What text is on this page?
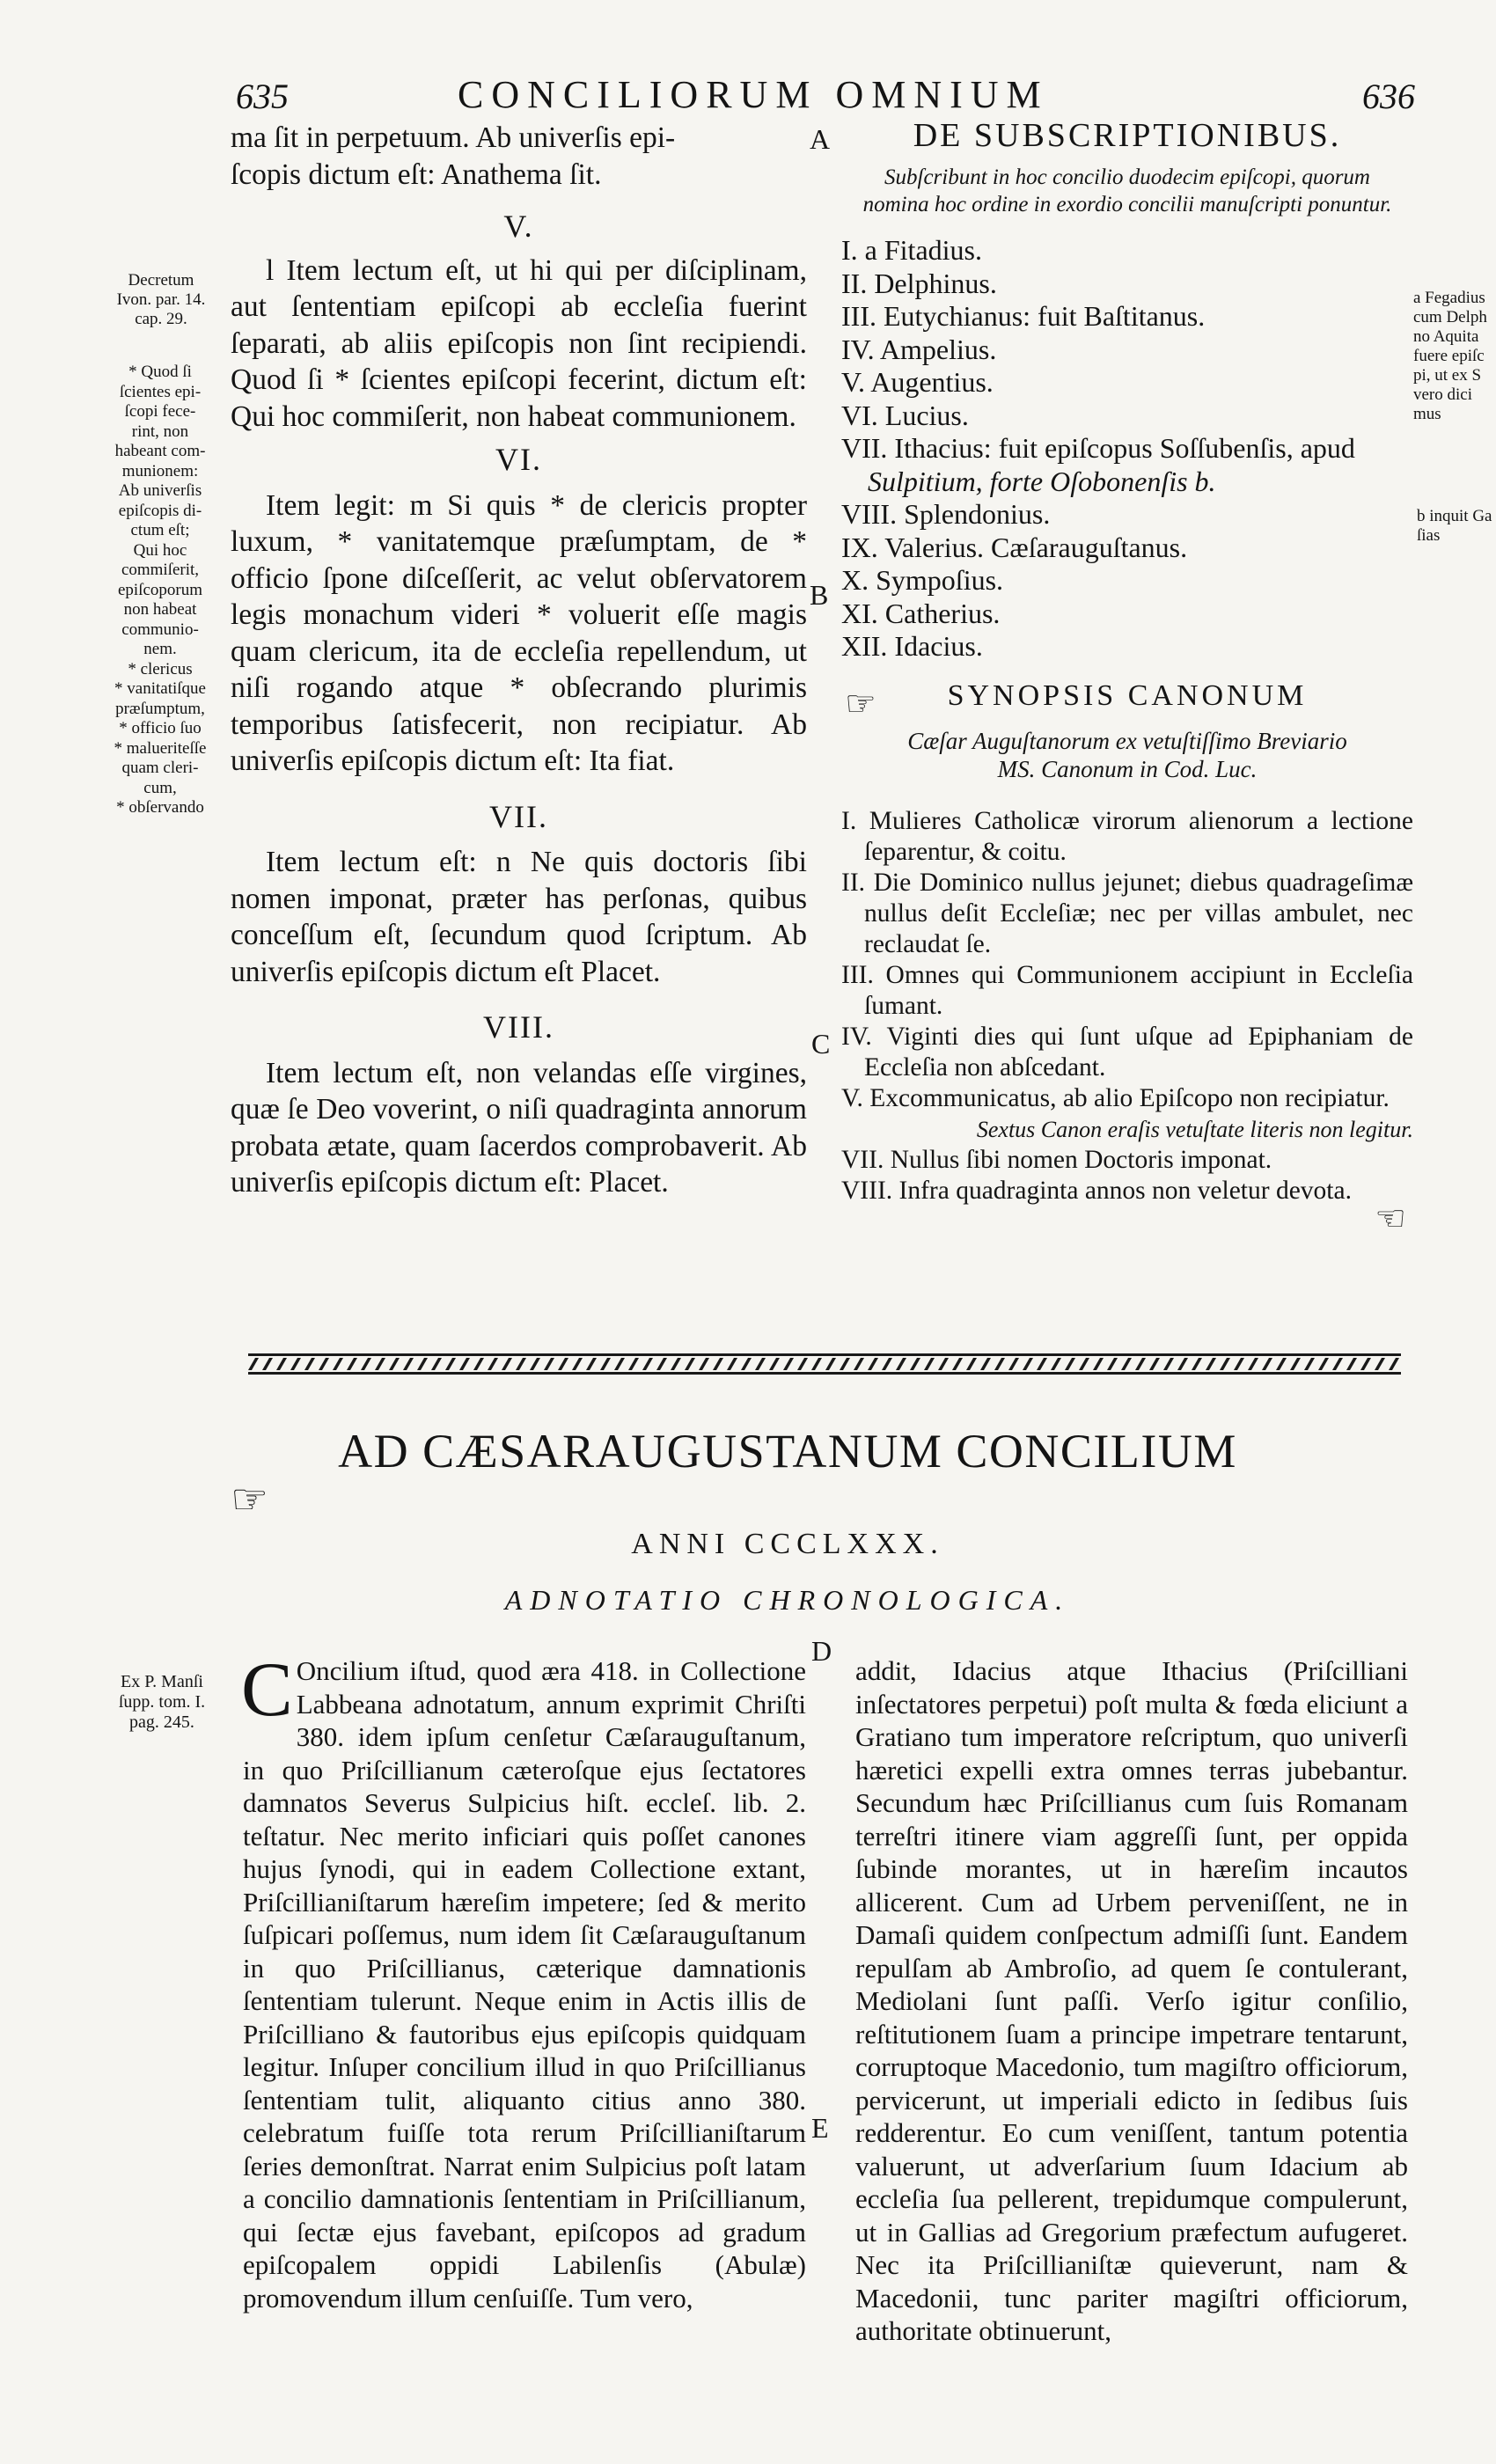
635	CONCILIORUM OMNIUM	636
Decretum
Ivon. par. 14.
cap. 29.
* Quod ſi
ſcientes epi-
ſcopi fece-
rint, non
habeant com-
munionem:
Ab univerſis
epiſcopis di-
ctum eſt;
Qui hoc
commiſerit,
epiſcoporum
non habeat
communio-
nem.
* clericus
* vanitatiſque
præſumptum,
* officio ſuo
* malueriteſſe
quam cleri-
cum,
* obſervando
ma ſit in perpetuum. Ab univerſis epi-
ſcopis dictum eſt: Anathema ſit.
V.

l Item lectum eſt, ut hi qui per diſciplinam, aut ſententiam epiſcopi ab eccleſia fuerint ſeparati, ab aliis epiſcopis non ſint recipiendi. Quod ſi * ſcientes epiſcopi fecerint, dictum eſt: Qui hoc commiſerit, non habeat communionem.

VI.

Item legit: m Si quis * de clericis propter luxum, * vanitatemque præſumptam, de * officio ſpone diſceſſerit, ac velut obſervatorem legis monachum videri * voluerit eſſe magis quam clericum, ita de eccleſia repellendum, ut niſi rogando atque * obſecrando plurimis temporibus ſatisfecerit, non recipiatur. Ab univerſis epiſcopis dictum eſt: Ita fiat.

VII.

Item lectum eſt: n Ne quis doctoris ſibi nomen imponat, præter has perſonas, quibus conceſſum eſt, ſecundum quod ſcriptum. Ab univerſis epiſcopis dictum eſt Placet.

VIII.

Item lectum eſt, non velandas eſſe virgines, quæ ſe Deo voverint, o niſi quadraginta annorum probata ætate, quam ſacerdos comprobaverit. Ab univerſis epiſcopis dictum eſt: Placet.

A
B
C
D
E
DE SUBSCRIPTIONIBUS.
Subſcribunt in hoc concilio duodecim epiſcopi, quorum nomina hoc ordine in exordio concilii manuſcripti ponuntur.
I. a Fitadius.
II. Delphinus.
III. Eutychianus: fuit Baſtitanus.
IV. Ampelius.
V. Augentius.
VI. Lucius.
VII. Ithacius: fuit epiſcopus Soſſubenſis, apud
Sulpitium, forte Oſobonenſis b.
VIII. Splendonius.
IX. Valerius. Cæſarauguſtanus.
X. Sympoſius.
XI. Catherius.
XII. Idacius.
☞	SYNOPSIS CANONUM
Cæſar Auguſtanorum ex vetuſtiſſimo Breviario
MS. Canonum in Cod. Luc.
I. Mulieres Catholicæ virorum alienorum a lectione ſeparentur, & coitu.
II. Die Dominico nullus jejunet; diebus quadrageſimæ nullus deſit Eccleſiæ; nec per villas ambulet, nec reclaudat ſe.
III. Omnes qui Communionem accipiunt in Eccleſia ſumant.
IV. Viginti dies qui ſunt uſque ad Epiphaniam de Eccleſia non abſcedant.
V. Excommunicatus, ab alio Epiſcopo non recipiatur.
Sextus Canon eraſis vetuſtate literis non legitur.
VII. Nullus ſibi nomen Doctoris imponat.
VIII. Infra quadraginta annos non veletur devota.
☜
a Fegadius
cum Delph
no Aquita
fuere epiſc
pi, ut ex S
vero dici
mus
b inquit Ga
ſias
AD CÆSARAUGUSTANUM CONCILIUM
☞
ANNI CCCLXXX.
ADNOTATIO CHRONOLOGICA.
Ex P. Manſi
ſupp. tom. I.
pag. 245. C Oncilium iſtud, quod æra 418. in Collectione Labbeana adnotatum, annum exprimit Chriſti 380. idem ipſum cenſetur Cæſarauguſtanum, in quo Priſcillianum cæteroſque ejus ſectatores damnatos Severus Sulpicius hiſt. eccleſ. lib. 2. teſtatur. Nec merito inficiari quis poſſet canones hujus ſynodi, qui in eadem Collectione extant, Priſcillianiſtarum hæreſim impetere; ſed & merito ſuſpicari poſſemus, num idem ſit Cæſarauguſtanum in quo Priſcillianus, cæterique damnationis ſententiam tulerunt. Neque enim in Actis illis de Priſcilliano & fautoribus ejus epiſcopis quidquam legitur. Inſuper concilium illud in quo Priſcillianus ſententiam tulit, aliquanto citius anno 380. celebratum fuiſſe tota rerum Priſcillianiſtarum ſeries demonſtrat. Narrat enim Sulpicius poſt latam a concilio damnationis ſententiam in Priſcillianum, qui ſectæ ejus favebant, epiſcopos ad gradum epiſcopalem oppidi Labilenſis (Abulæ) promovendum illum cenſuiſſe. Tum vero,

addit, Idacius atque Ithacius (Priſcilliani inſectatores perpetui) poſt multa & fœda eliciunt a Gratiano tum imperatore reſcriptum, quo univerſi hæretici expelli extra omnes terras jubebantur. Secundum hæc Priſcillianus cum ſuis Romanam terreſtri itinere viam aggreſſi ſunt, per oppida ſubinde morantes, ut in hæreſim incautos allicerent. Cum ad Urbem perveniſſent, ne in Damaſi quidem conſpectum admiſſi ſunt. Eandem repulſam ab Ambroſio, ad quem ſe contulerant, Mediolani ſunt paſſi. Verſo igitur conſilio, reſtitutionem ſuam a principe impetrare tentarunt, corruptoque Macedonio, tum magiſtro officiorum, pervicerunt, ut imperiali edicto in ſedibus ſuis redderentur. Eo cum veniſſent, tantum potentia valuerunt, ut adverſarium ſuum Idacium ab eccleſia ſua pellerent, trepidumque compulerunt, ut in Gallias ad Gregorium præfectum aufugeret. Nec ita Priſcillianiſtæ quieverunt, nam & Macedonii, tunc pariter magiſtri officiorum, authoritate obtinuerunt,
